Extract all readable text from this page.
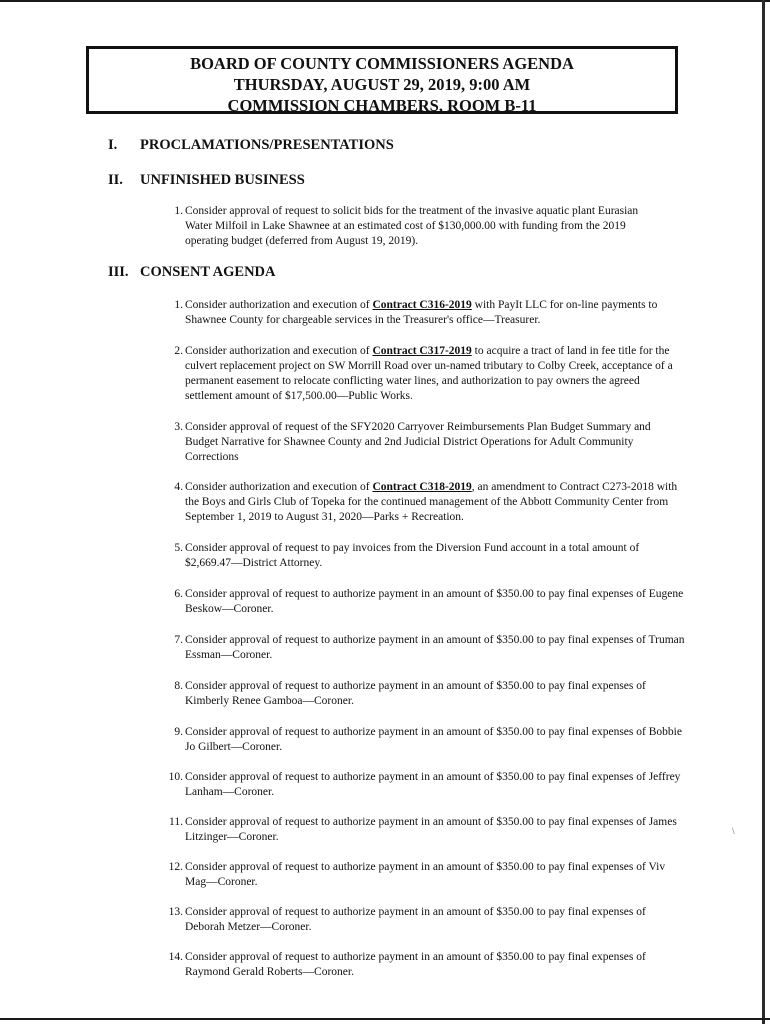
BOARD OF COUNTY COMMISSIONERS AGENDA
THURSDAY, AUGUST 29, 2019, 9:00 AM
COMMISSION CHAMBERS, ROOM B-11
I. PROCLAMATIONS/PRESENTATIONS
II. UNFINISHED BUSINESS
1. Consider approval of request to solicit bids for the treatment of the invasive aquatic plant Eurasian
Water Milfoil in Lake Shawnee at an estimated cost of $130,000.00 with funding from the 2019
operating budget (deferred from August 19, 2019).
III. CONSENT AGENDA
1. Consider authorization and execution of Contract C316-2019 with PayIt LLC for on-line payments to Shawnee County for chargeable services in the Treasurer's office—Treasurer.
2. Consider authorization and execution of Contract C317-2019 to acquire a tract of land in fee title for the culvert replacement project on SW Morrill Road over un-named tributary to Colby Creek, acceptance of a permanent easement to relocate conflicting water lines, and authorization to pay owners the agreed settlement amount of $17,500.00—Public Works.
3. Consider approval of request of the SFY2020 Carryover Reimbursements Plan Budget Summary and Budget Narrative for Shawnee County and 2nd Judicial District Operations for Adult Community Corrections
4. Consider authorization and execution of Contract C318-2019, an amendment to Contract C273-2018 with the Boys and Girls Club of Topeka for the continued management of the Abbott Community Center from September 1, 2019 to August 31, 2020—Parks + Recreation.
5. Consider approval of request to pay invoices from the Diversion Fund account in a total amount of $2,669.47—District Attorney.
6. Consider approval of request to authorize payment in an amount of $350.00 to pay final expenses of Eugene Beskow—Coroner.
7. Consider approval of request to authorize payment in an amount of $350.00 to pay final expenses of Truman Essman—Coroner.
8. Consider approval of request to authorize payment in an amount of $350.00 to pay final expenses of Kimberly Renee Gamboa—Coroner.
9. Consider approval of request to authorize payment in an amount of $350.00 to pay final expenses of Bobbie Jo Gilbert—Coroner.
10. Consider approval of request to authorize payment in an amount of $350.00 to pay final expenses of Jeffrey Lanham—Coroner.
11. Consider approval of request to authorize payment in an amount of $350.00 to pay final expenses of James Litzinger—Coroner.
12. Consider approval of request to authorize payment in an amount of $350.00 to pay final expenses of Viv Mag—Coroner.
13. Consider approval of request to authorize payment in an amount of $350.00 to pay final expenses of Deborah Metzer—Coroner.
14. Consider approval of request to authorize payment in an amount of $350.00 to pay final expenses of Raymond Gerald Roberts—Coroner.
\
